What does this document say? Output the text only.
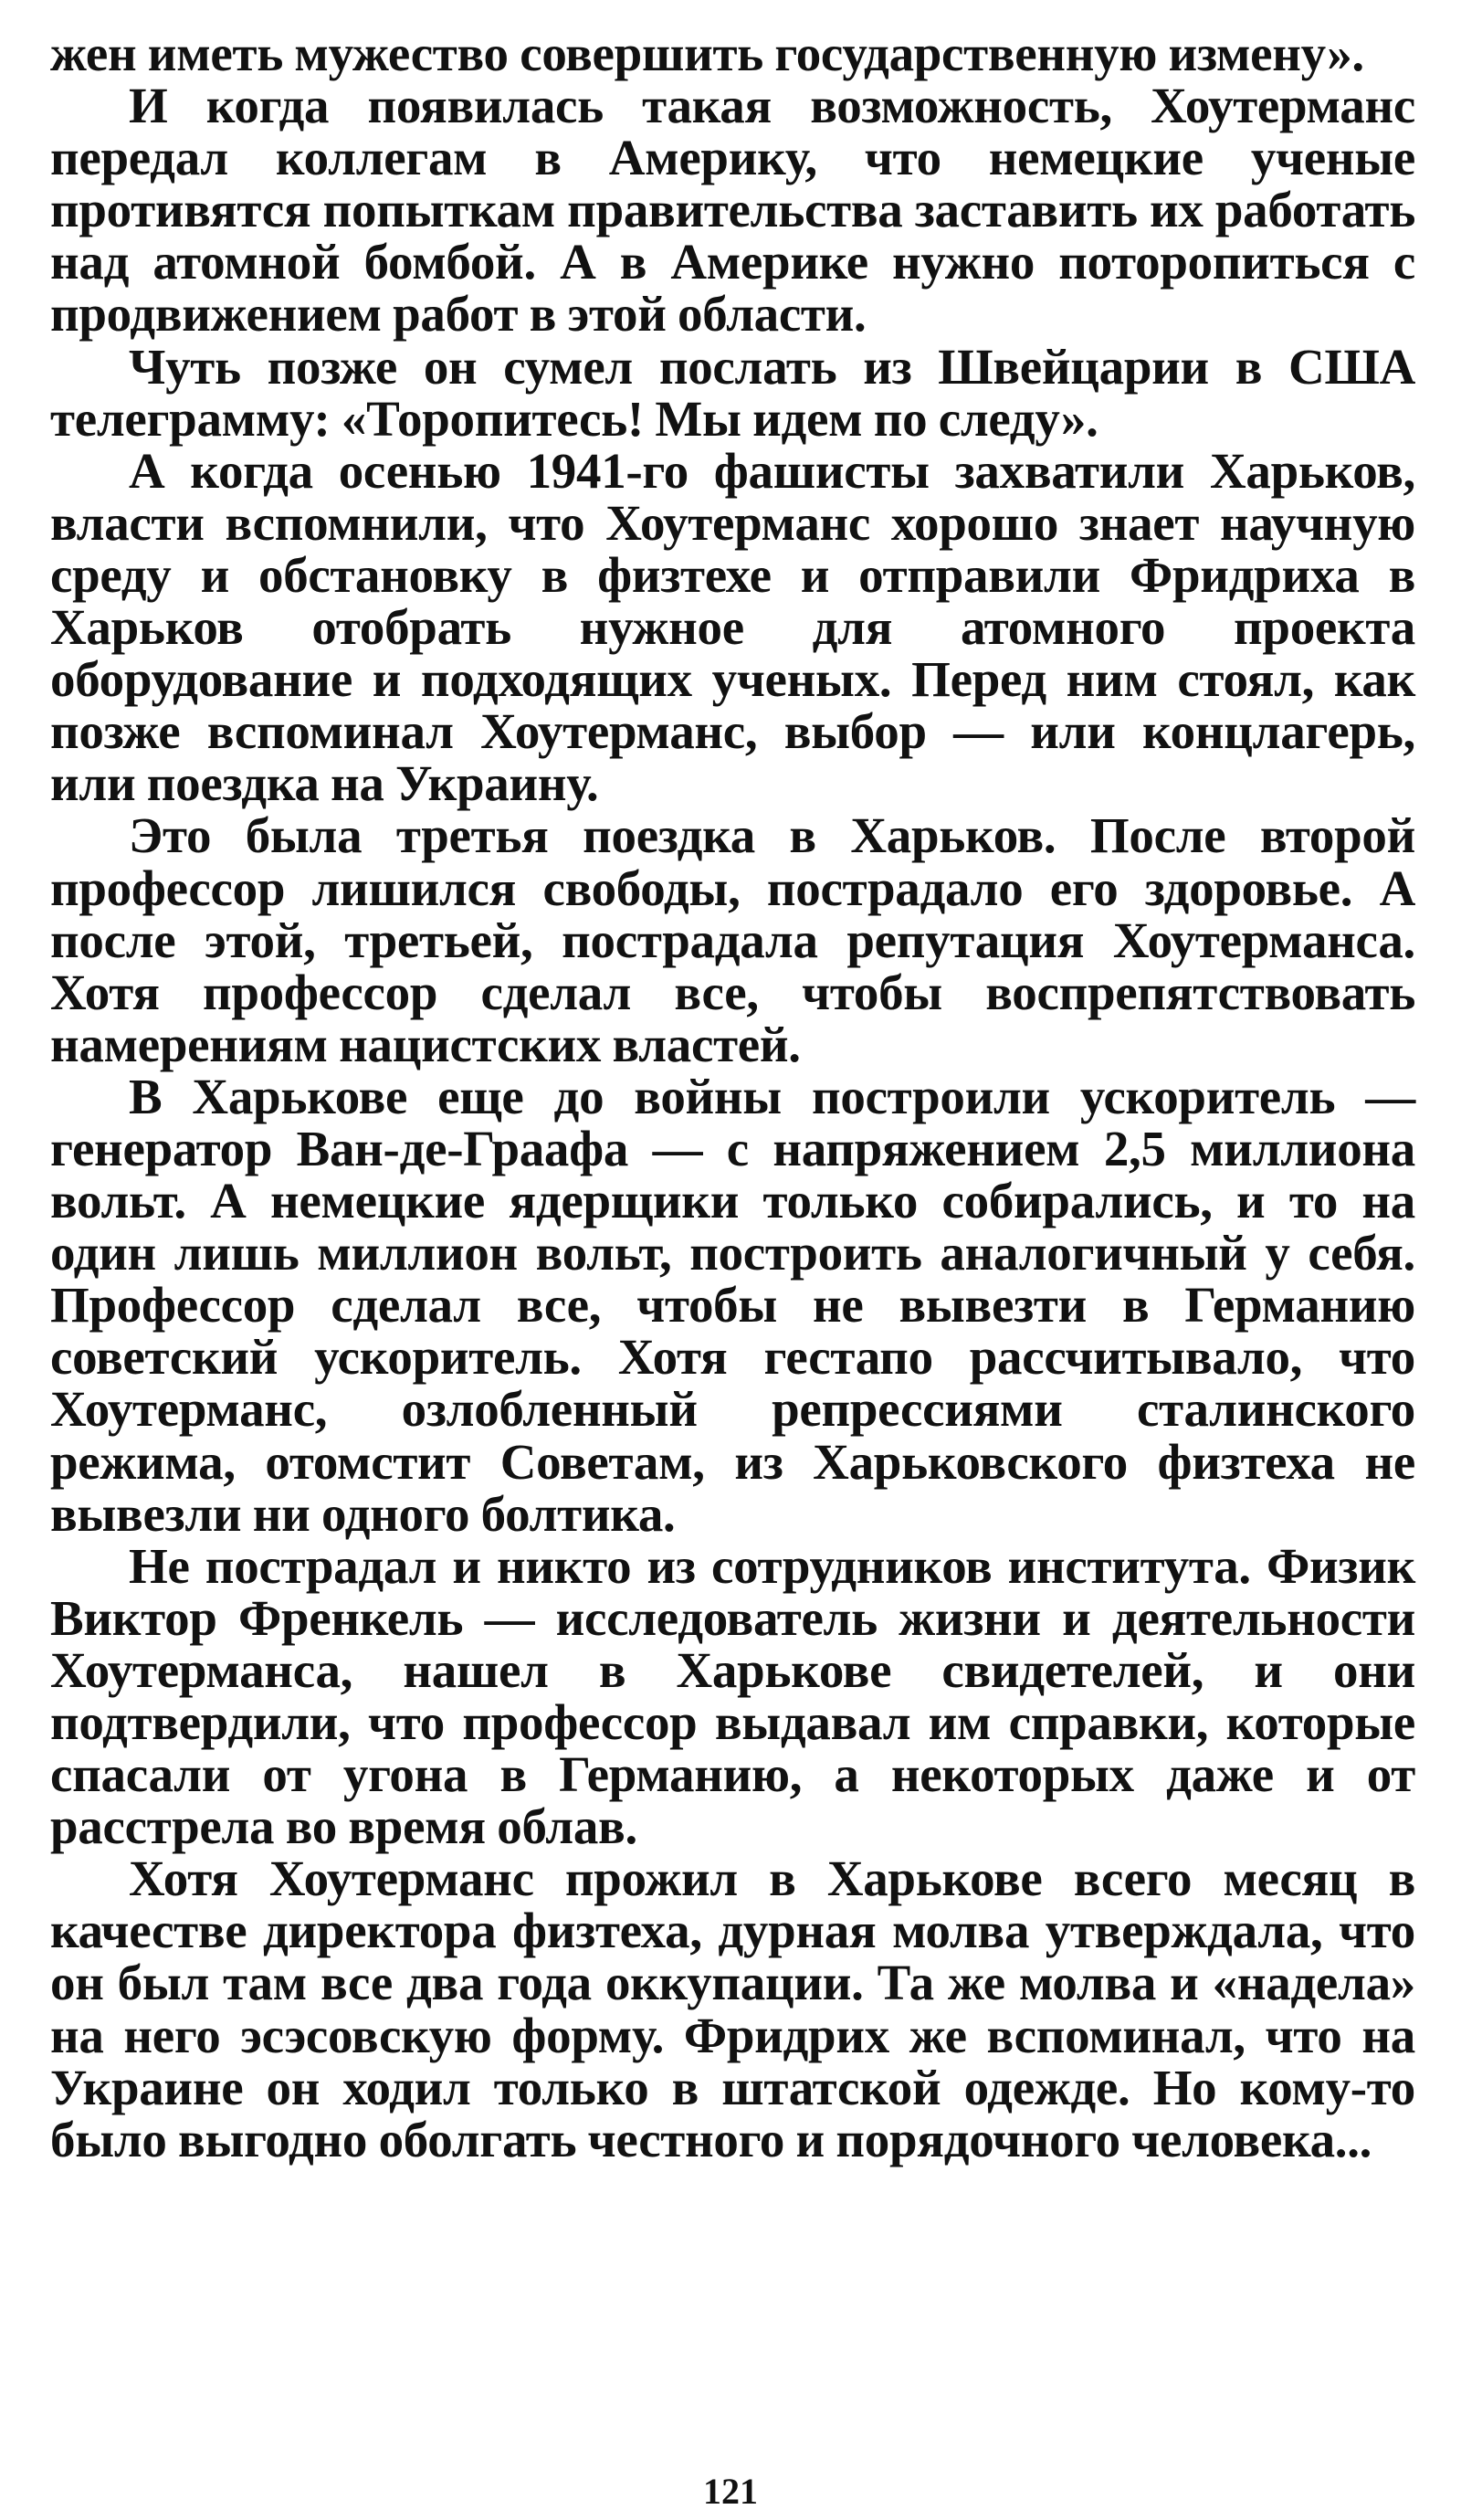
жен иметь мужество совершить государственную измену».

И когда появилась такая возможность, Хоутерманс передал коллегам в Америку, что немецкие ученые противятся попыткам правительства заставить их работать над атомной бомбой. А в Америке нужно поторопиться с продвижением работ в этой области.

Чуть позже он сумел послать из Швейцарии в США телеграмму: «Торопитесь! Мы идем по следу».

А когда осенью 1941-го фашисты захватили Харьков, власти вспомнили, что Хоутерманс хорошо знает научную среду и обстановку в физтехе и отправили Фридриха в Харьков отобрать нужное для атомного проекта оборудование и подходящих ученых. Перед ним стоял, как позже вспоминал Хоутерманс, выбор — или концлагерь, или поездка на Украину.

Это была третья поездка в Харьков. После второй профессор лишился свободы, пострадало его здоровье. А после этой, третьей, пострадала репутация Хоутерманса. Хотя профессор сделал все, чтобы воспрепятствовать намерениям нацистских властей.

В Харькове еще до войны построили ускоритель — генератор Ван-де-Граафа — с напряжением 2,5 миллиона вольт. А немецкие ядерщики только собирались, и то на один лишь миллион вольт, построить аналогичный у себя. Профессор сделал все, чтобы не вывезти в Германию советский ускоритель. Хотя гестапо рассчитывало, что Хоутерманс, озлобленный репрессиями сталинского режима, отомстит Советам, из Харьковского физтеха не вывезли ни одного болтика.

Не пострадал и никто из сотрудников института. Физик Виктор Френкель — исследователь жизни и деятельности Хоутерманса, нашел в Харькове свидетелей, и они подтвердили, что профессор выдавал им справки, которые спасали от угона в Германию, а некоторых даже и от расстрела во время облав.

Хотя Хоутерманс прожил в Харькове всего месяц в качестве директора физтеха, дурная молва утверждала, что он был там все два года оккупации. Та же молва и «надела» на него эсэсовскую форму. Фридрих же вспоминал, что на Украине он ходил только в штатской одежде. Но кому-то было выгодно оболгать честного и порядочного человека...

121
